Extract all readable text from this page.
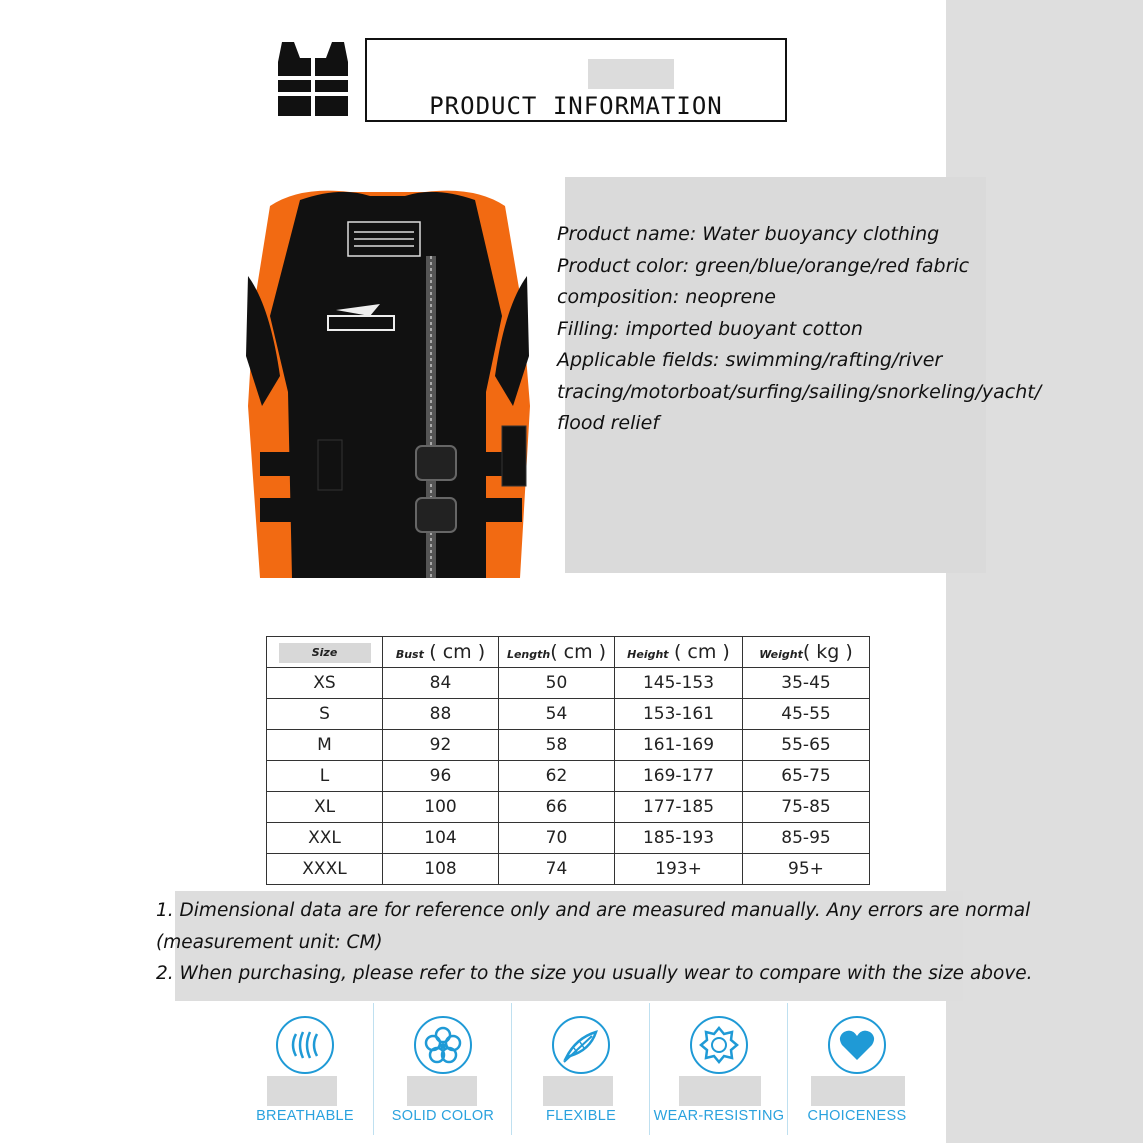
PRODUCT INFORMATION
Product name: Water buoyancy clothing
Product color: green/blue/orange/red fabric
composition: neoprene
Filling: imported buoyant cotton
Applicable fields: swimming/rafting/river
tracing/motorboat/surfing/sailing/snorkeling/yacht/
flood relief
Size	Bust ( cm )	Length( cm )	Height ( cm )	Weight( kg )
XS	84	50	145-153	35-45
S	88	54	153-161	45-55
M	92	58	161-169	55-65
L	96	62	169-177	65-75
XL	100	66	177-185	75-85
XXL	104	70	185-193	85-95
XXXL	108	74	193+	95+
1. Dimensional data are for reference only and are measured manually. Any errors are normal
(measurement unit: CM)
2. When purchasing, please refer to the size you usually wear to compare with the size above.
BREATHABLE	SOLID COLOR	FLEXIBLE	WEAR-RESISTING	CHOICENESS
